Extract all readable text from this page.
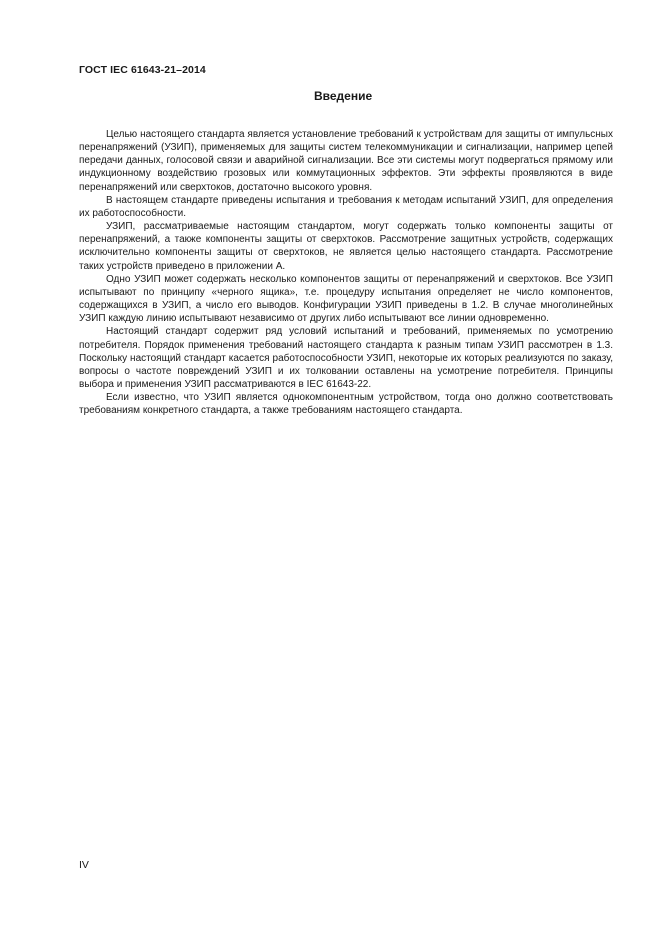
ГОСТ IEC 61643-21–2014
Введение

Целью настоящего стандарта является установление требований к устройствам для защиты от импульсных перенапряжений (УЗИП), применяемых для защиты систем телекоммуникации и сигнализации, например цепей передачи данных, голосовой связи и аварийной сигнализации. Все эти системы могут подвергаться прямому или индукционному воздействию грозовых или коммутационных эффектов. Эти эффекты проявляются в виде перенапряжений или сверхтоков, достаточно высокого уровня.

В настоящем стандарте приведены испытания и требования к методам испытаний УЗИП, для определения их работоспособности.

УЗИП, рассматриваемые настоящим стандартом, могут содержать только компоненты защиты от перенапряжений, а также компоненты защиты от сверхтоков. Рассмотрение защитных устройств, содержащих исключительно компоненты защиты от сверхтоков, не является целью настоящего стандарта. Рассмотрение таких устройств приведено в приложении А.

Одно УЗИП может содержать несколько компонентов защиты от перенапряжений и сверхтоков. Все УЗИП испытывают по принципу «черного ящика», т.е. процедуру испытания определяет не число компонентов, содержащихся в УЗИП, а число его выводов. Конфигурации УЗИП приведены в 1.2. В случае многолинейных УЗИП каждую линию испытывают независимо от других либо испытывают все линии одновременно.

Настоящий стандарт содержит ряд условий испытаний и требований, применяемых по усмотрению потребителя. Порядок применения требований настоящего стандарта к разным типам УЗИП рассмотрен в 1.3. Поскольку настоящий стандарт касается работоспособности УЗИП, некоторые их которых реализуются по заказу, вопросы о частоте повреждений УЗИП и их толковании оставлены на усмотрение потребителя. Принципы выбора и применения УЗИП рассматриваются в IEC 61643-22.

Если известно, что УЗИП является однокомпонентным устройством, тогда оно должно соответствовать требованиям конкретного стандарта, а также требованиям настоящего стандарта.

IV
